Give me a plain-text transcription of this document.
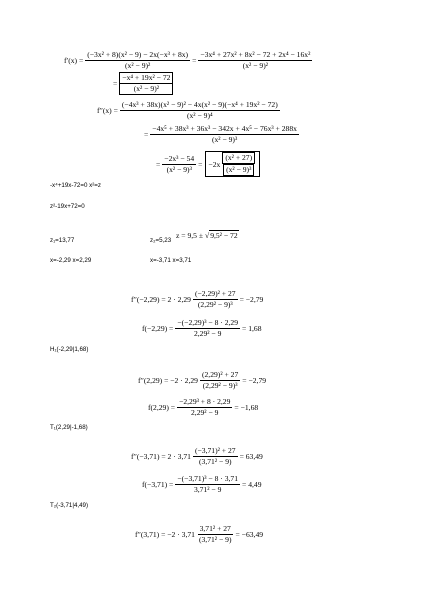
$f'(x) = \frac{\text{(−3x² + 8)(x² − 9) − 2x(−x³ + 8x)}}{\text{(x² − 9)²}} = \frac{\text{−3x⁴ + 27x² + 8x² − 72 + 2x⁴ − 16x²}}{\text{(x² − 9)²}}$
= $\frac{\text{−x⁴ + 19x² − 72}}{\text{(x² − 9)²}}$
$f''(x) = \frac{\text{(−4x³ + 38x)(x² − 9)² − 4x(x² − 9)(−x⁴ + 19x² − 72)}}{\text{(x² − 9)⁴}}$
= $\frac{\text{−4x⁵ + 38x³ + 36x³ − 342x + 4x⁵ − 76x³ + 288x}}{\text{(x² − 9)³}}$
= $\frac{\text{−2x³ − 54}}{\text{(x² − 9)³}} = -2x \frac{\text{(x² + 27)}}{\text{(x² − 9)³}}$
-x⁴+19x-72=0 x²=z
z²-19x+72=0
z = 9,5 ± √ 9,5² − 72
z₁=13,77	z₂=5,23
x=-2,29 x=2,29	x=-3,71 x=3,71
$f''(-2,29) = 2 \cdot 2,29 \frac{\text{(−2,29)² + 27}}{\text{(2,29² − 9)³}} = -2,79$
$f(-2,29) = \frac{\text{−(−2,29)³ − 8 · 2,29}}{\text{2,29² − 9}} = 1,68$
H₁(-2,29|1,68)
$f''(2,29) = -2 \cdot 2,29 \frac{\text{(2,29)² + 27}}{\text{(2,29² − 9)³}} = -2,79$
$f(2,29) = \frac{\text{−2,29³ + 8 · 2,29}}{\text{2,29² − 9}} = -1,68$
T₁(2,29|-1,68)
$f''(-3,71) = 2 \cdot 3,71 \frac{\text{(−3,71)² + 27}}{\text{(3,71² − 9)}} = 63,49$
$f(-3,71) = \frac{\text{−(−3,71)³ − 8 · 3,71}}{\text{3,71² − 9}} = 4,49$
T₂(-3,71|4,49)
$f''(3,71) = -2 \cdot 3,71 \frac{\text{3,71² + 27}}{\text{(3,71² − 9)}} = -63,49$
